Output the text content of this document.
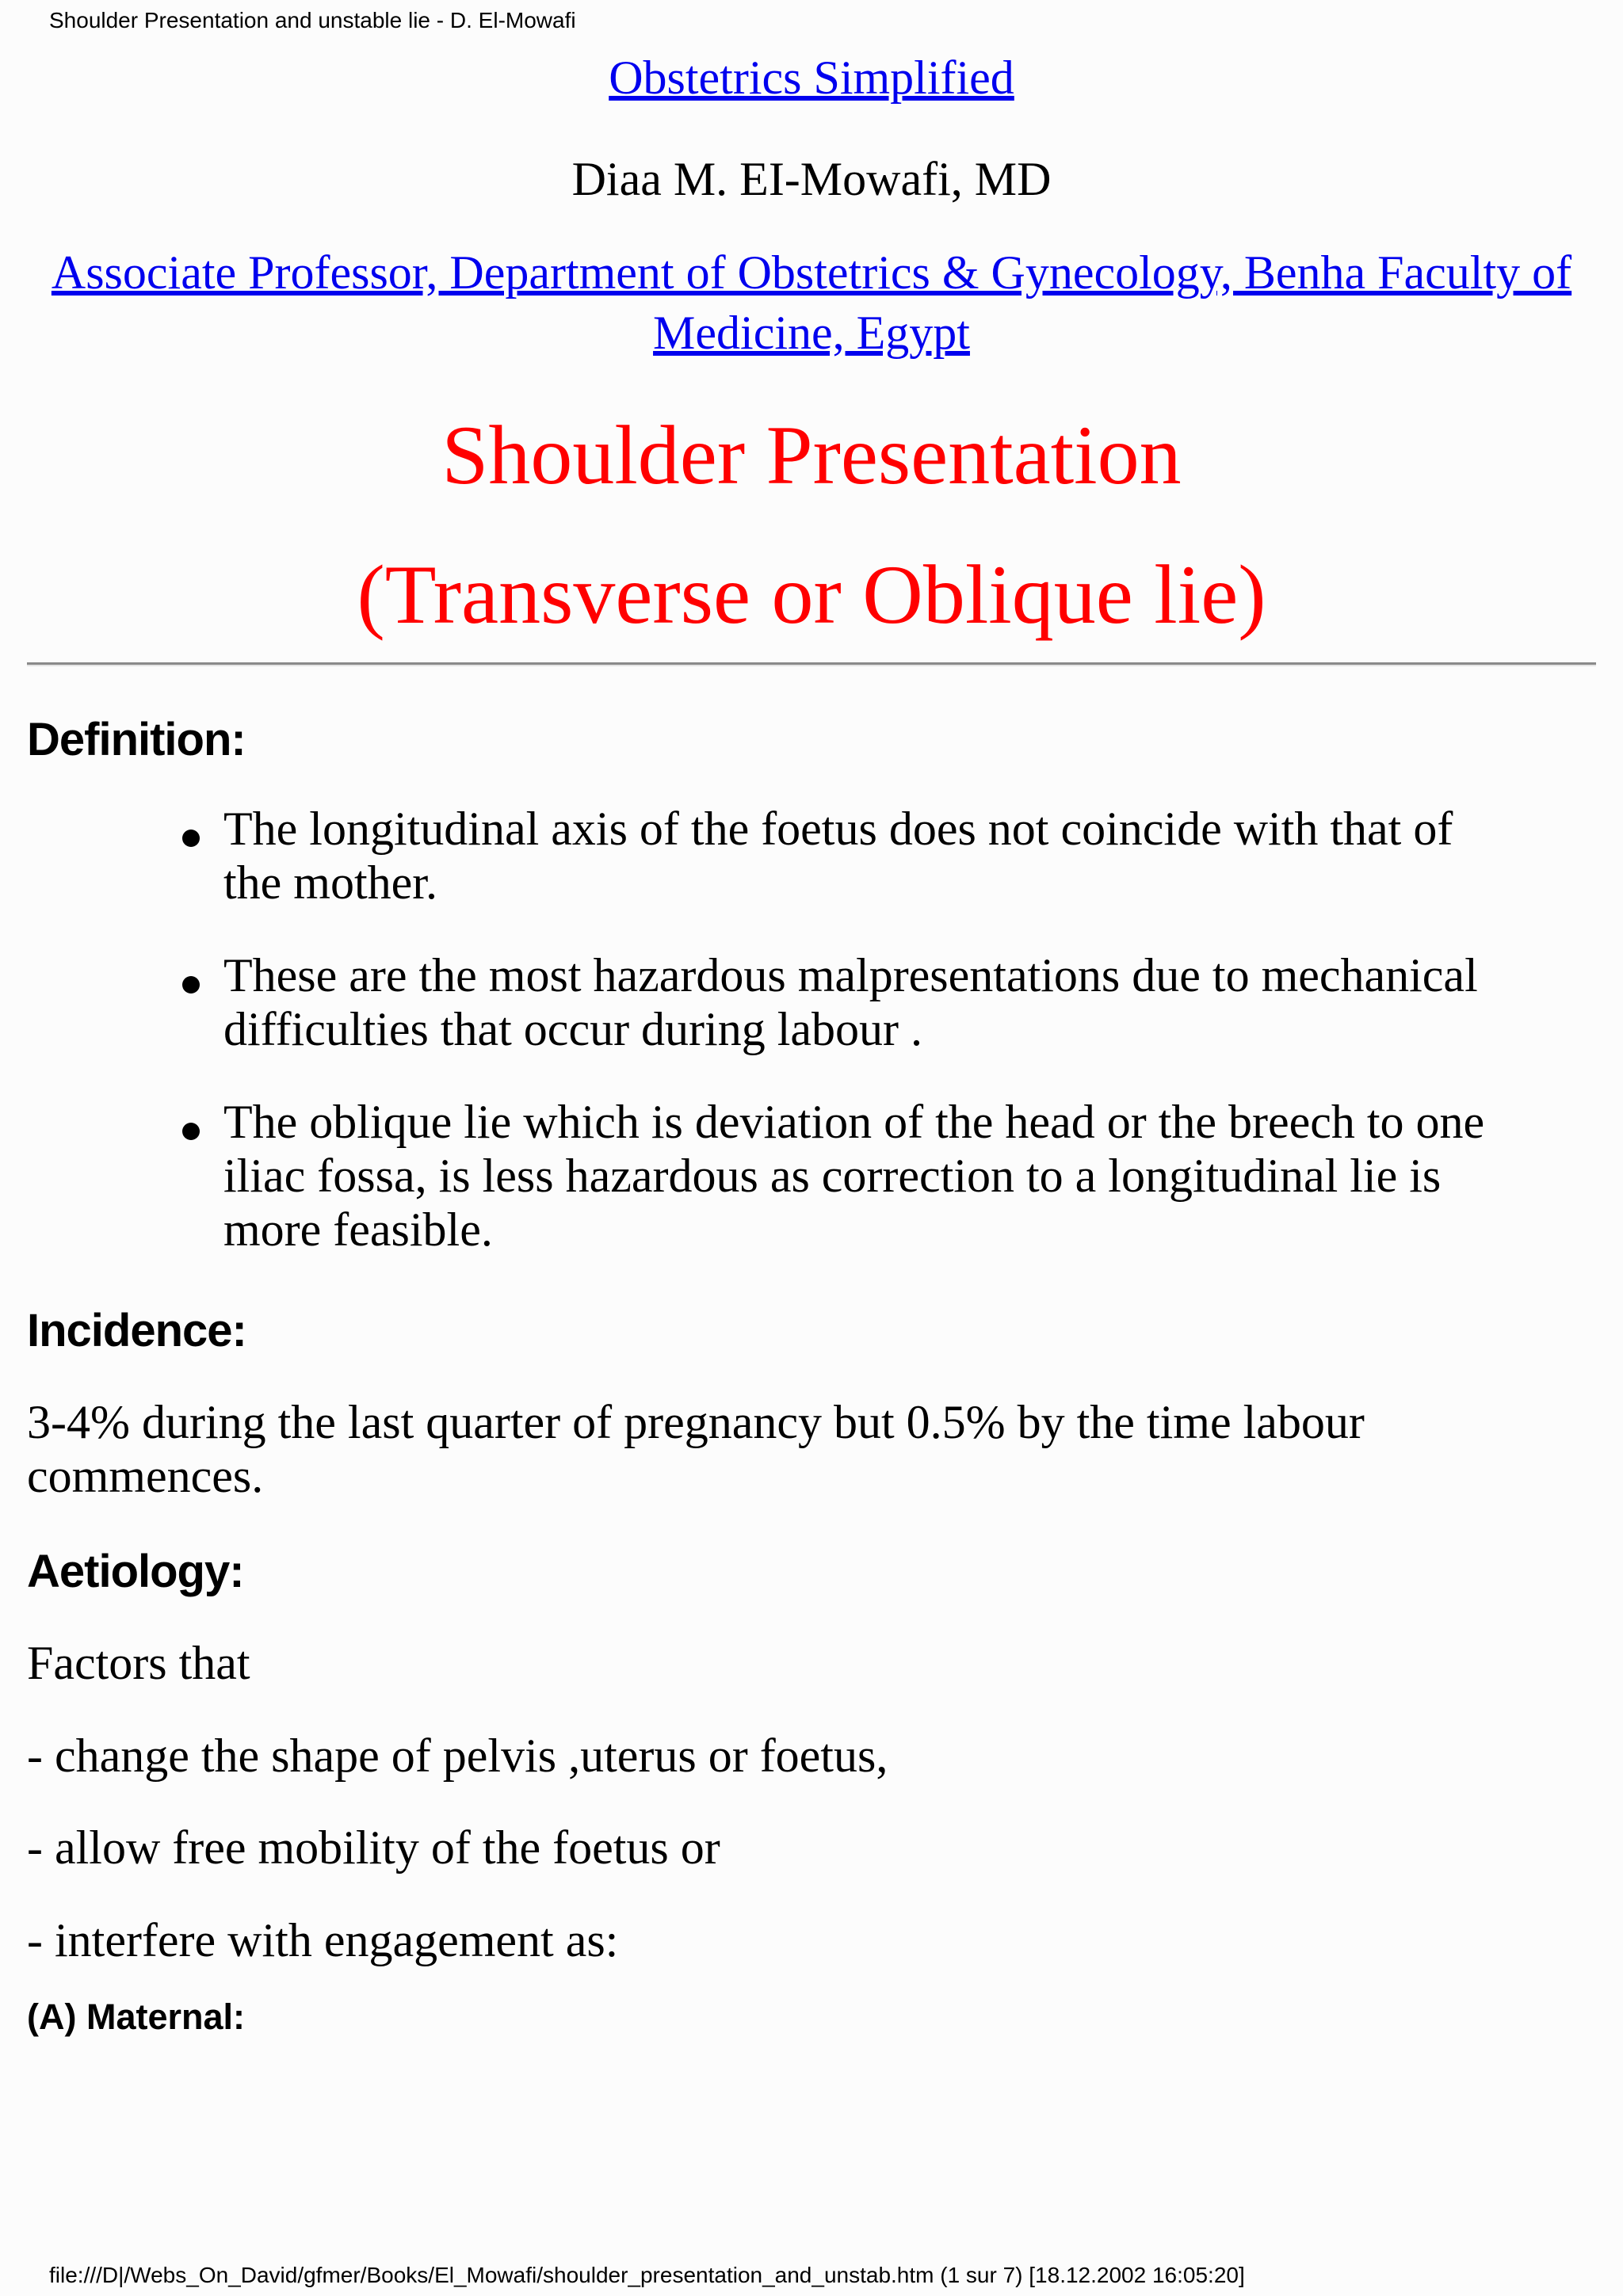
Shoulder Presentation and unstable lie - D. El-Mowafi
Obstetrics Simplified
Diaa M. EI-Mowafi, MD
Associate Professor, Department of Obstetrics & Gynecology, Benha Faculty of Medicine, Egypt
Shoulder Presentation
(Transverse or Oblique lie)
Definition:
The longitudinal axis of the foetus does not coincide with that of the mother.
These are the most hazardous malpresentations due to mechanical difficulties that occur during labour .
The oblique lie which is deviation of the head or the breech to one iliac fossa, is less hazardous as correction to a longitudinal lie is more feasible.
Incidence:
3-4% during the last quarter of pregnancy but 0.5% by the time labour commences.
Aetiology:
Factors that
- change the shape of pelvis ,uterus or foetus,
- allow free mobility of the foetus or
- interfere with engagement as:
(A) Maternal:
file:///D|/Webs_On_David/gfmer/Books/El_Mowafi/shoulder_presentation_and_unstab.htm (1 sur 7) [18.12.2002 16:05:20]
